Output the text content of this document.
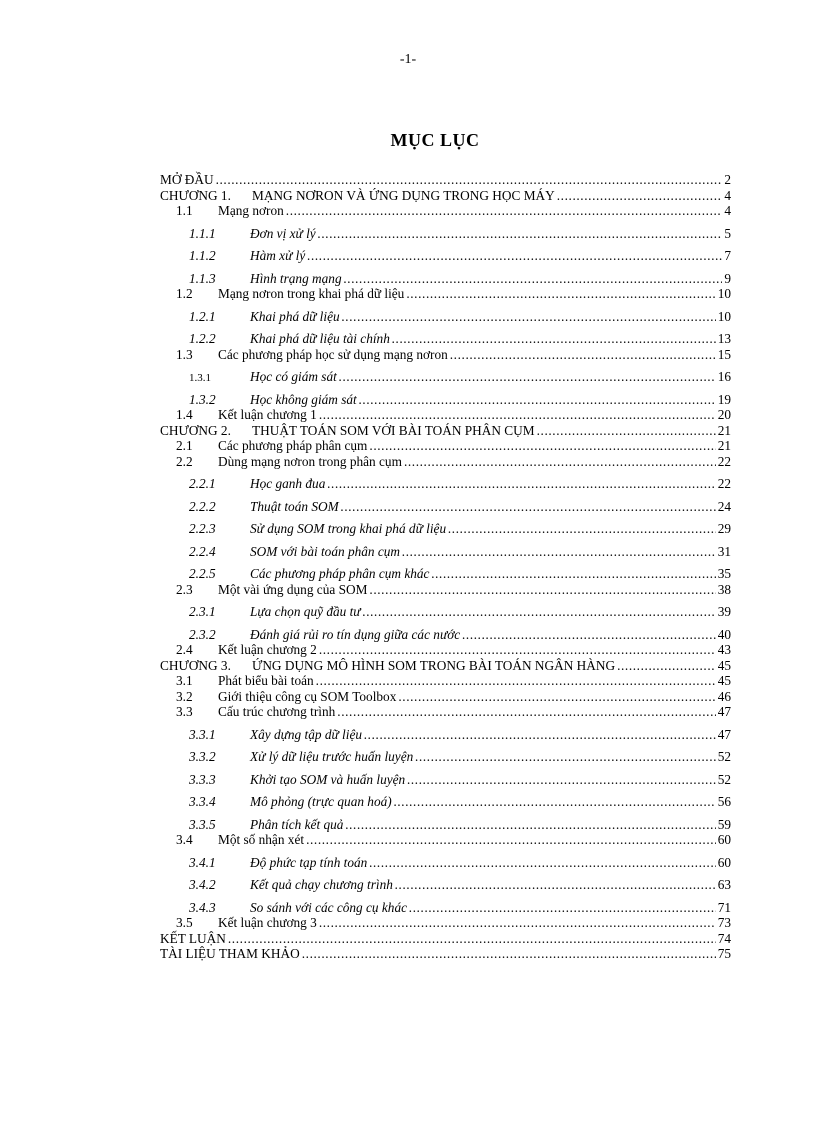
-1-
MỤC LỤC
MỞ ĐẦU .....	2
CHƯƠNG 1.	MẠNG NƠRON VÀ ỨNG DỤNG TRONG HỌC MÁY .....	4
1.1	Mạng nơron .....	4
1.1.1	Đơn vị xử lý .....	5
1.1.2	Hàm xử lý .....	7
1.1.3	Hình trạng mạng .....	9
1.2	Mạng nơron trong khai phá dữ liệu .....	10
1.2.1	Khai phá dữ liệu .....	10
1.2.2	Khai phá dữ liệu tài chính .....	13
1.3	Các phương pháp học sử dụng mạng nơron .....	15
1.3.1	Học có giám sát .....	16
1.3.2	Học không giám sát .....	19
1.4	Kết luận chương 1 .....	20
CHƯƠNG 2.	THUẬT TOÁN SOM VỚI BÀI TOÁN PHÂN CỤM .....	21
2.1	Các phương pháp phân cụm .....	21
2.2	Dùng mạng nơron trong phân cụm .....	22
2.2.1	Học ganh đua .....	22
2.2.2	Thuật toán SOM .....	24
2.2.3	Sử dụng SOM trong khai phá dữ liệu .....	29
2.2.4	SOM với bài toán phân cụm .....	31
2.2.5	Các phương pháp phân cụm khác .....	35
2.3	Một vài ứng dụng của SOM .....	38
2.3.1	Lựa chọn quỹ đầu tư .....	39
2.3.2	Đánh giá rủi ro tín dụng giữa các nước .....	40
2.4	Kết luận chương 2 .....	43
CHƯƠNG 3.	ỨNG DỤNG MÔ HÌNH SOM TRONG BÀI TOÁN NGÂN HÀNG .....	45
3.1	Phát biểu bài toán .....	45
3.2	Giới thiệu công cụ SOM Toolbox .....	46
3.3	Cấu trúc chương trình .....	47
3.3.1	Xây dựng tập dữ liệu .....	47
3.3.2	Xử lý dữ liệu trước huấn luyện .....	52
3.3.3	Khởi tạo SOM và huấn luyện .....	52
3.3.4	Mô phỏng (trực quan hoá) .....	56
3.3.5	Phân tích kết quả .....	59
3.4	Một số nhận xét .....	60
3.4.1	Độ phức tạp tính toán .....	60
3.4.2	Kết quả chạy chương trình .....	63
3.4.3	So sánh với các công cụ khác .....	71
3.5	Kết luận chương 3 .....	73
KẾT LUẬN .....	74
TÀI LIỆU THAM KHẢO .....	75
